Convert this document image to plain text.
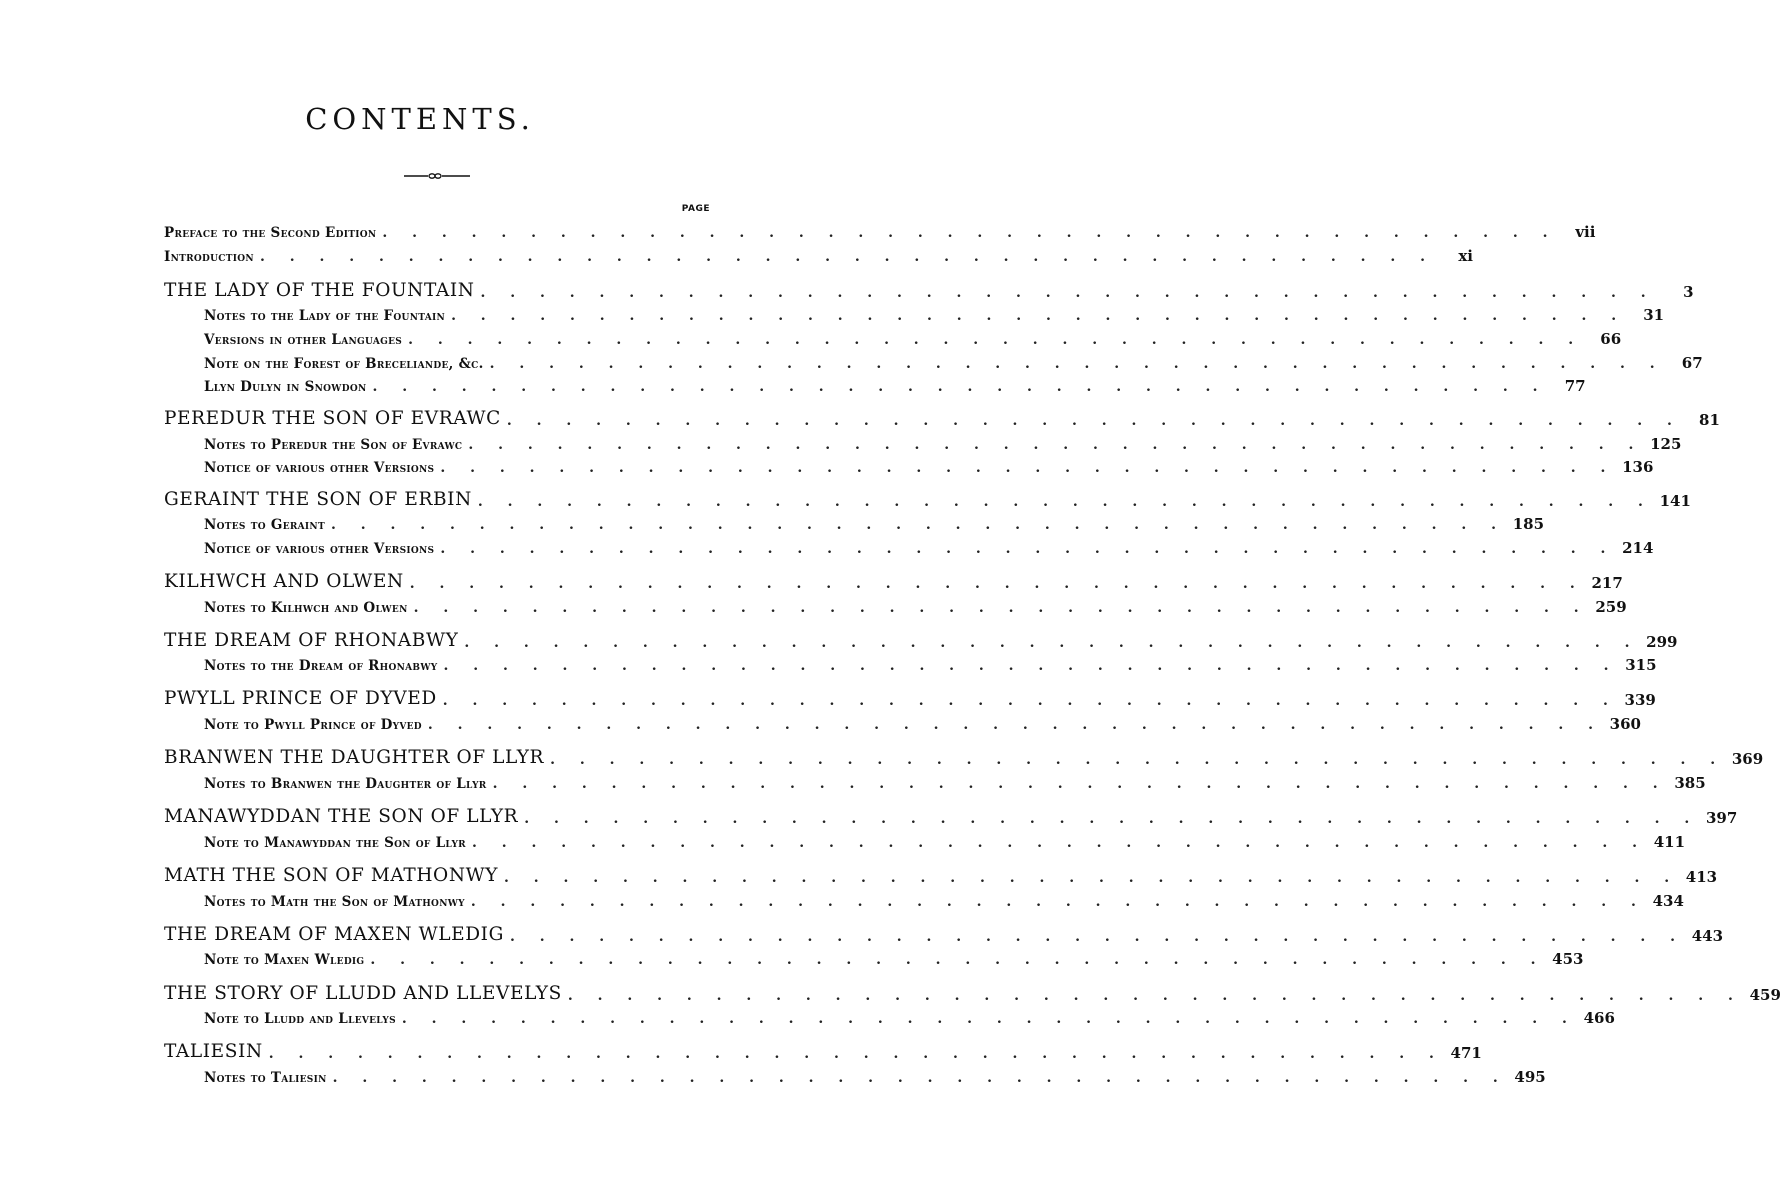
CONTENTS.
PAGE
Preface to the Second Edition . . . . . . . . . . . . . . . . . . . . . . . . . . . . . . . . . . . . . . . .	vii
Introduction . . . . . . . . . . . . . . . . . . . . . . . . . . . . . . . . . . . . . . . .	xi
THE LADY OF THE FOUNTAIN . . . . . . . . . . . . . . . . . . . . . . . . . . . . . . . . . . . . . . . .	3
Notes to the Lady of the Fountain . . . . . . . . . . . . . . . . . . . . . . . . . . . . . . . . . . . . . . . .	31
Versions in other Languages . . . . . . . . . . . . . . . . . . . . . . . . . . . . . . . . . . . . . . . .	66
Note on the Forest of Breceliande, &c. . . . . . . . . . . . . . . . . . . . . . . . . . . . . . . . . . . . . . . . .	67
Llyn Dulyn in Snowdon . . . . . . . . . . . . . . . . . . . . . . . . . . . . . . . . . . . . . . . .	77
PEREDUR THE SON OF EVRAWC . . . . . . . . . . . . . . . . . . . . . . . . . . . . . . . . . . . . . . . .	81
Notes to Peredur the Son of Evrawc . . . . . . . . . . . . . . . . . . . . . . . . . . . . . . . . . . . . . . . . 125
Notice of various other Versions . . . . . . . . . . . . . . . . . . . . . . . . . . . . . . . . . . . . . . . . 136
GERAINT THE SON OF ERBIN . . . . . . . . . . . . . . . . . . . . . . . . . . . . . . . . . . . . . . . . 141
Notes to Geraint . . . . . . . . . . . . . . . . . . . . . . . . . . . . . . . . . . . . . . . . 185
Notice of various other Versions . . . . . . . . . . . . . . . . . . . . . . . . . . . . . . . . . . . . . . . . 214
KILHWCH AND OLWEN . . . . . . . . . . . . . . . . . . . . . . . . . . . . . . . . . . . . . . . . 217
Notes to Kilhwch and Olwen . . . . . . . . . . . . . . . . . . . . . . . . . . . . . . . . . . . . . . . . 259
THE DREAM OF RHONABWY . . . . . . . . . . . . . . . . . . . . . . . . . . . . . . . . . . . . . . . . 299
Notes to the Dream of Rhonabwy . . . . . . . . . . . . . . . . . . . . . . . . . . . . . . . . . . . . . . . . 315
PWYLL PRINCE OF DYVED . . . . . . . . . . . . . . . . . . . . . . . . . . . . . . . . . . . . . . . . 339
Note to Pwyll Prince of Dyved . . . . . . . . . . . . . . . . . . . . . . . . . . . . . . . . . . . . . . . . 360
BRANWEN THE DAUGHTER OF LLYR . . . . . . . . . . . . . . . . . . . . . . . . . . . . . . . . . . . . . . . . 369
Notes to Branwen the Daughter of Llyr . . . . . . . . . . . . . . . . . . . . . . . . . . . . . . . . . . . . . . . . 385
MANAWYDDAN THE SON OF LLYR . . . . . . . . . . . . . . . . . . . . . . . . . . . . . . . . . . . . . . . . 397
Note to Manawyddan the Son of Llyr . . . . . . . . . . . . . . . . . . . . . . . . . . . . . . . . . . . . . . . . 411
MATH THE SON OF MATHONWY . . . . . . . . . . . . . . . . . . . . . . . . . . . . . . . . . . . . . . . . 413
Notes to Math the Son of Mathonwy . . . . . . . . . . . . . . . . . . . . . . . . . . . . . . . . . . . . . . . . 434
THE DREAM OF MAXEN WLEDIG . . . . . . . . . . . . . . . . . . . . . . . . . . . . . . . . . . . . . . . . 443
Note to Maxen Wledig . . . . . . . . . . . . . . . . . . . . . . . . . . . . . . . . . . . . . . . . 453
THE STORY OF LLUDD AND LLEVELYS . . . . . . . . . . . . . . . . . . . . . . . . . . . . . . . . . . . . . . . . 459
Note to Lludd and Llevelys . . . . . . . . . . . . . . . . . . . . . . . . . . . . . . . . . . . . . . . . 466
TALIESIN . . . . . . . . . . . . . . . . . . . . . . . . . . . . . . . . . . . . . . . . 471
Notes to Taliesin . . . . . . . . . . . . . . . . . . . . . . . . . . . . . . . . . . . . . . . . 495
